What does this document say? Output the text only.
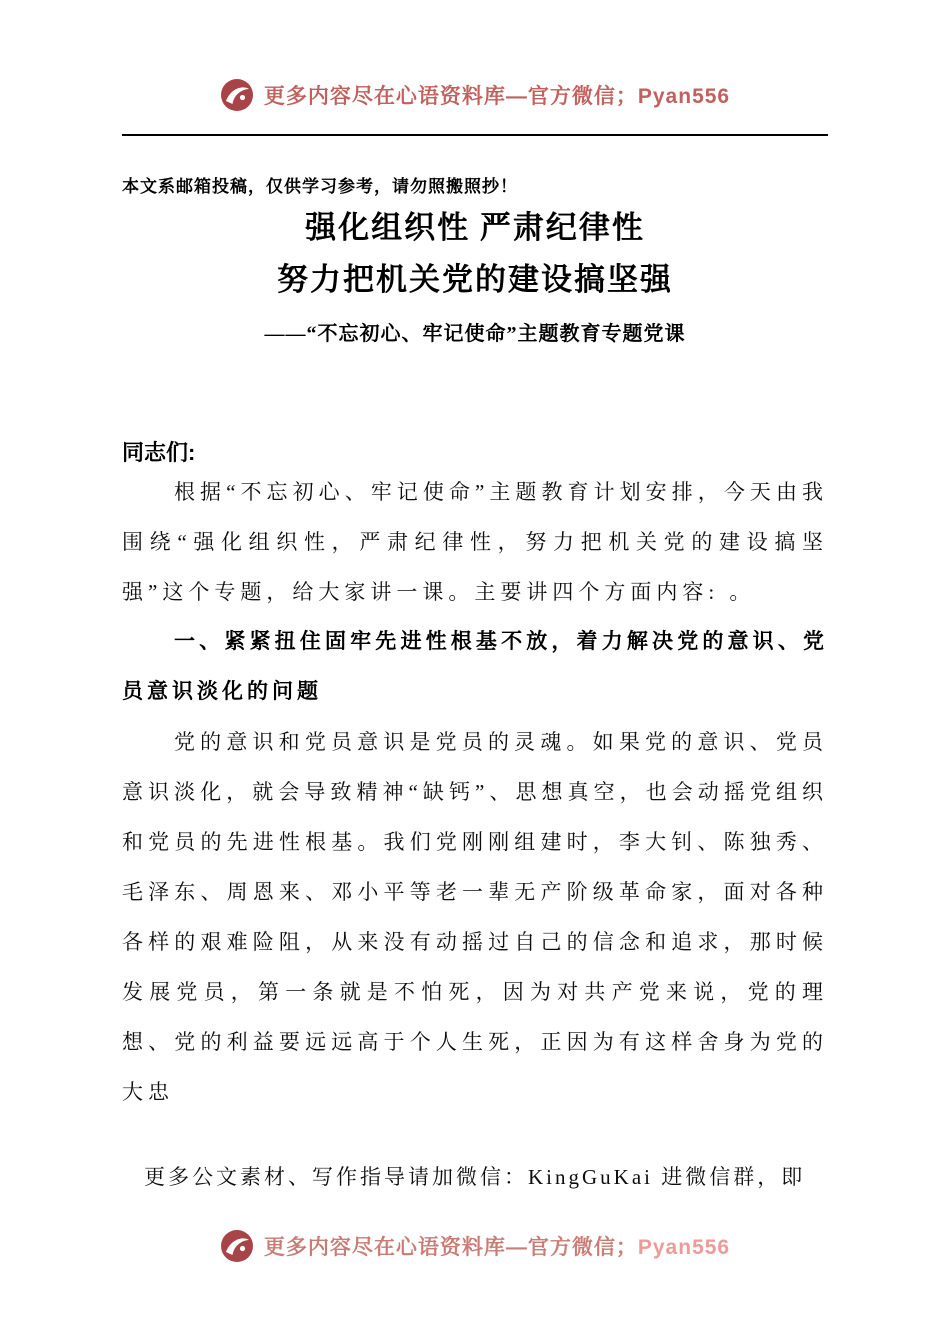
更多内容尽在心语资料库—官方微信；Pyan556
本文系邮箱投稿，仅供学习参考，请勿照搬照抄！
强化组织性 严肃纪律性
努力把机关党的建设搞坚强
——“不忘初心、牢记使命”主题教育专题党课
同志们:

根据“不忘初心、牢记使命”主题教育计划安排，今天由我围绕“强化组织性，严肃纪律性，努力把机关党的建设搞坚强”这个专题，给大家讲一课。主要讲四个方面内容: 。

一、紧紧扭住固牢先进性根基不放，着力解决党的意识、党员意识淡化的问题

党的意识和党员意识是党员的灵魂。如果党的意识、党员意识淡化，就会导致精神“缺钙”、思想真空，也会动摇党组织和党员的先进性根基。我们党刚刚组建时，李大钊、陈独秀、毛泽东、周恩来、邓小平等老一辈无产阶级革命家，面对各种各样的艰难险阻，从来没有动摇过自己的信念和追求，那时候发展党员，第一条就是不怕死，因为对共产党来说，党的理想、党的利益要远远高于个人生死，正因为有这样舍身为党的大忠

更多公文素材、写作指导请加微信：KingGuKai 进微信群，即
更多内容尽在心语资料库—官方微信；Pyan556
